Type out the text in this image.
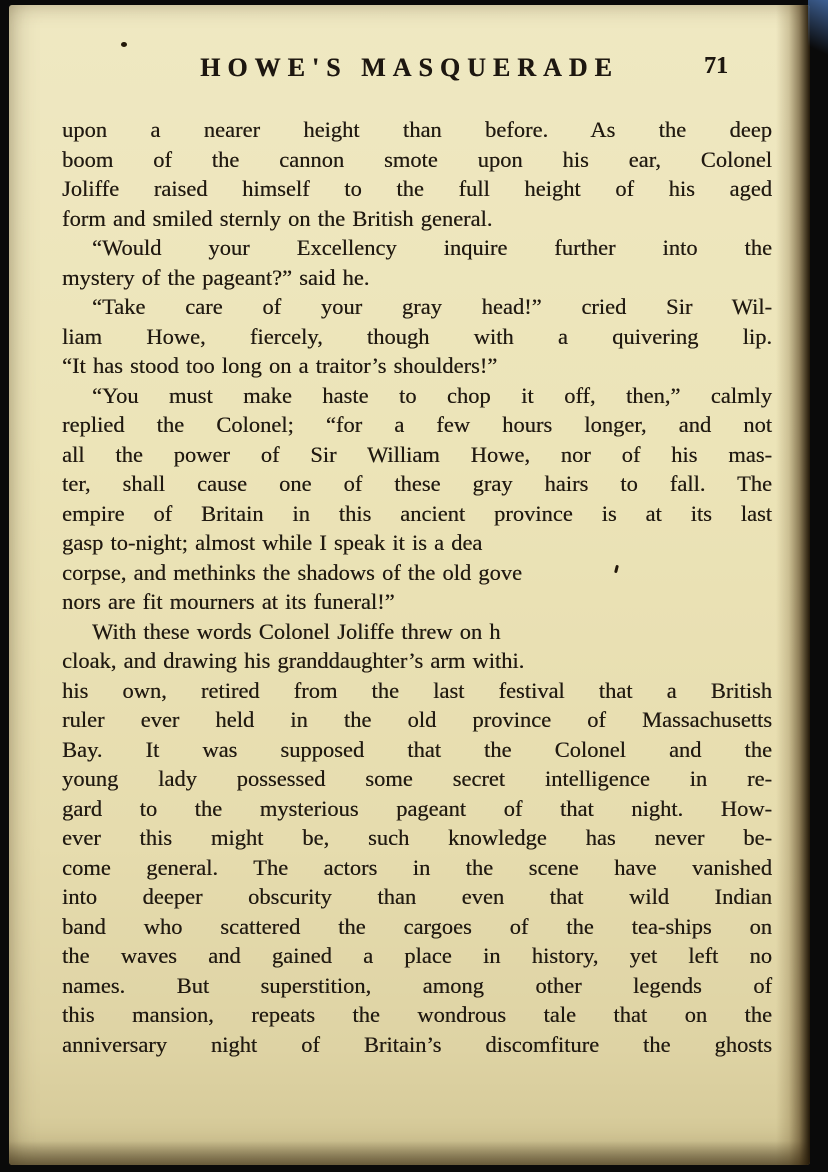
HOWE'S MASQUERADE	71
upon a nearer height than before. As the deep
boom of the cannon smote upon his ear, Colonel
Joliffe raised himself to the full height of his aged
form and smiled sternly on the British general.
“Would your Excellency inquire further into the
mystery of the pageant?” said he.
“Take care of your gray head!” cried Sir Wil-
liam Howe, fiercely, though with a quivering lip.
“It has stood too long on a traitor’s shoulders!”
“You must make haste to chop it off, then,” calmly
replied the Colonel; “for a few hours longer, and not
all the power of Sir William Howe, nor of his mas-
ter, shall cause one of these gray hairs to fall. The
empire of Britain in this ancient province is at its last
gasp to-night; almost while I speak it is a dea
corpse, and methinks the shadows of the old gove
nors are fit mourners at its funeral!”
With these words Colonel Joliffe threw on h
cloak, and drawing his granddaughter’s arm withi.
his own, retired from the last festival that a British
ruler ever held in the old province of Massachusetts
Bay. It was supposed that the Colonel and the
young lady possessed some secret intelligence in re-
gard to the mysterious pageant of that night. How-
ever this might be, such knowledge has never be-
come general. The actors in the scene have vanished
into deeper obscurity than even that wild Indian
band who scattered the cargoes of the tea-ships on
the waves and gained a place in history, yet left no
names. But superstition, among other legends of
this mansion, repeats the wondrous tale that on the
anniversary night of Britain’s discomfiture the ghosts
